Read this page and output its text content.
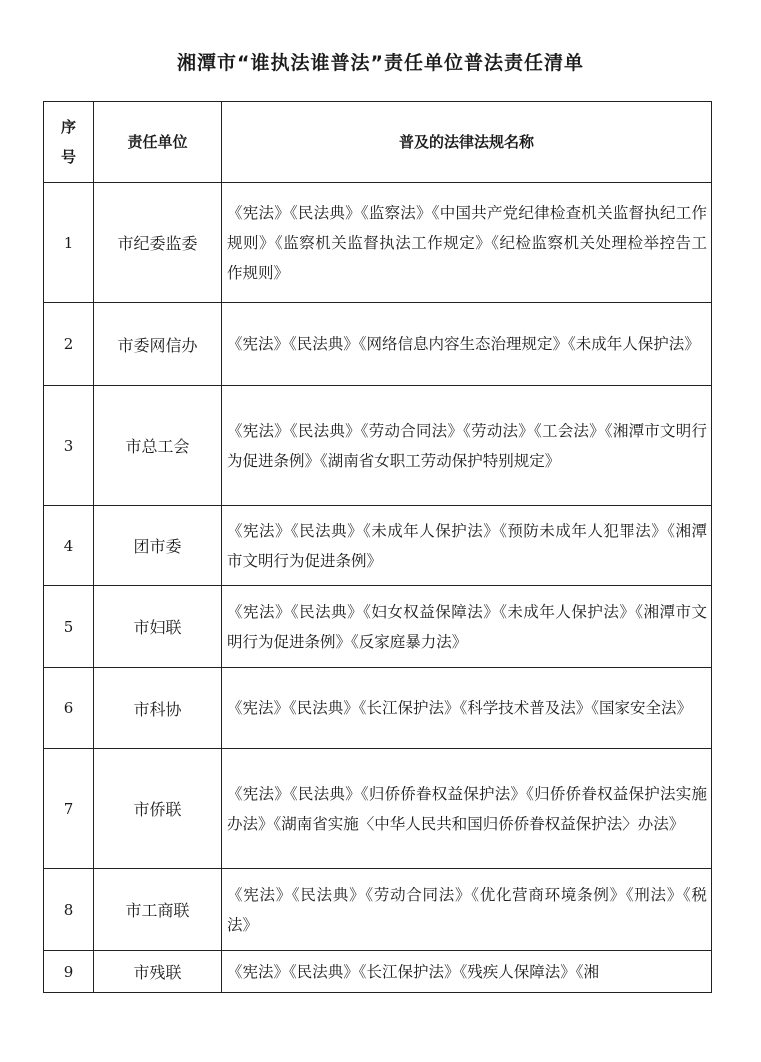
湘潭市“谁执法谁普法”责任单位普法责任清单
序号	责任单位	普及的法律法规名称
1	市纪委监委	《宪法》《民法典》《监察法》《中国共产党纪律检查机关监督执纪工作规则》《监察机关监督执法工作规定》《纪检监察机关处理检举控告工作规则》
2	市委网信办	《宪法》《民法典》《网络信息内容生态治理规定》《未成年人保护法》
3	市总工会	《宪法》《民法典》《劳动合同法》《劳动法》《工会法》《湘潭市文明行为促进条例》《湖南省女职工劳动保护特别规定》
4	团市委	《宪法》《民法典》《未成年人保护法》《预防未成年人犯罪法》《湘潭市文明行为促进条例》
5	市妇联	《宪法》《民法典》《妇女权益保障法》《未成年人保护法》《湘潭市文明行为促进条例》《反家庭暴力法》
6	市科协	《宪法》《民法典》《长江保护法》《科学技术普及法》《国家安全法》
7	市侨联	《宪法》《民法典》《归侨侨眷权益保护法》《归侨侨眷权益保护法实施办法》《湖南省实施〈中华人民共和国归侨侨眷权益保护法〉办法》
8	市工商联	《宪法》《民法典》《劳动合同法》《优化营商环境条例》《刑法》《税法》
9	市残联	《宪法》《民法典》《长江保护法》《残疾人保障法》《湘
